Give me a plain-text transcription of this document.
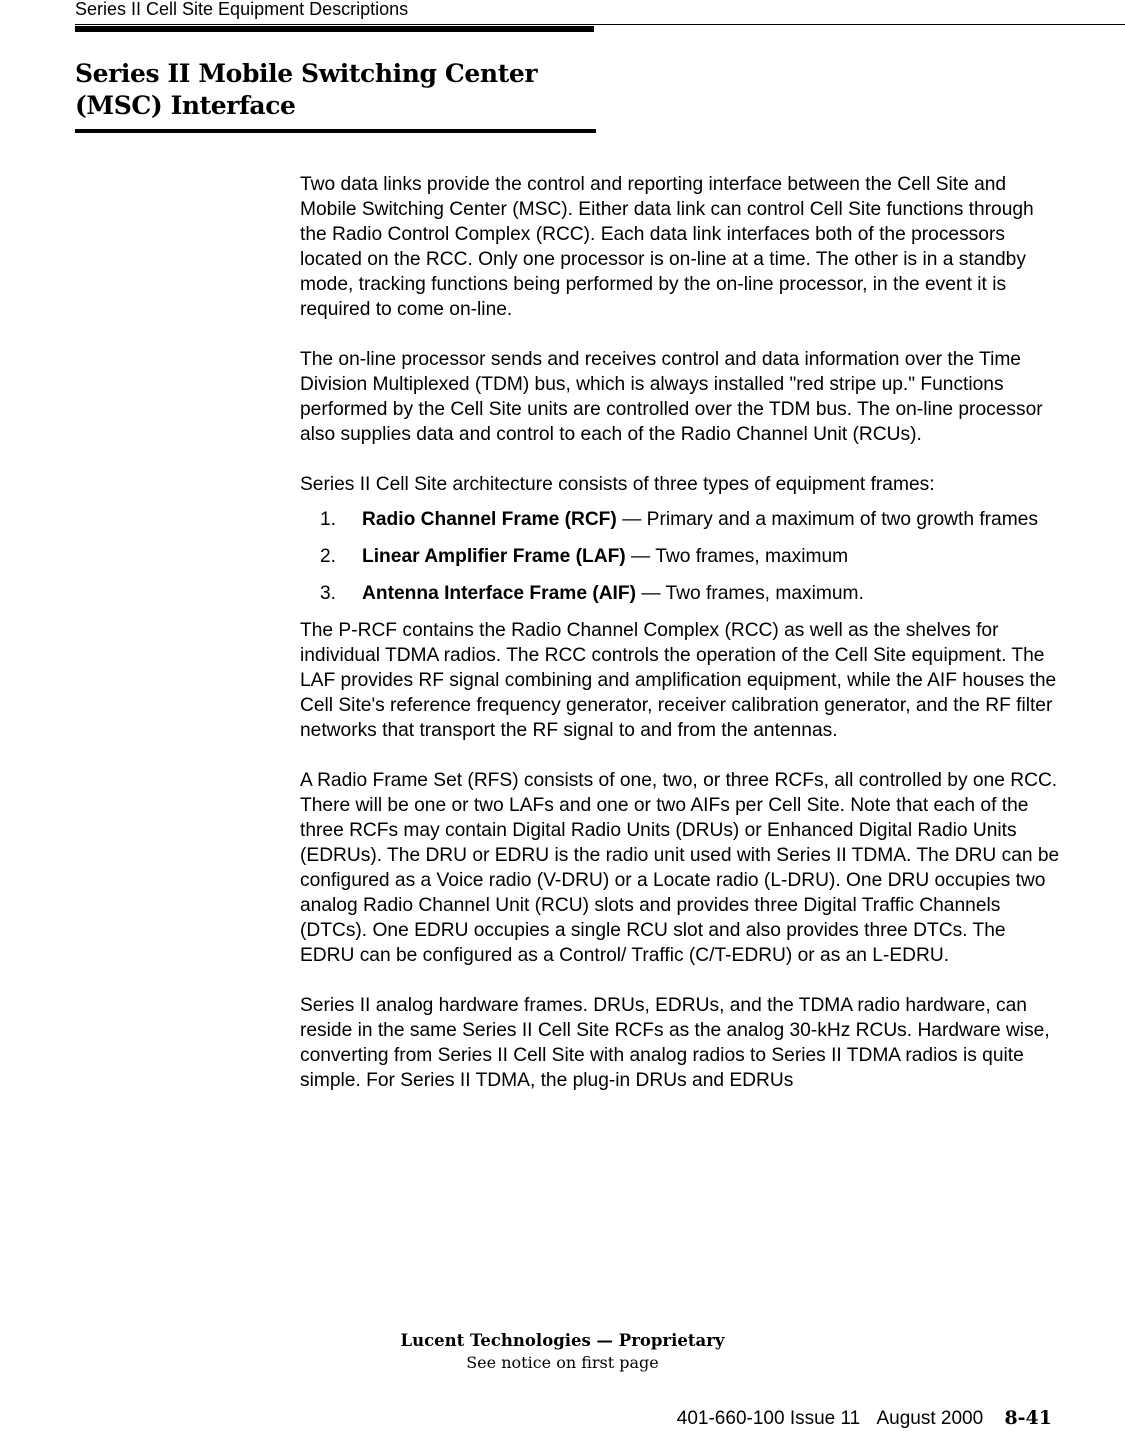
Series II Cell Site Equipment Descriptions
Series II Mobile Switching Center
(MSC) Interface

Two data links provide the control and reporting interface between the Cell Site and Mobile Switching Center (MSC). Either data link can control Cell Site functions through the Radio Control Complex (RCC). Each data link interfaces both of the processors located on the RCC. Only one processor is on-line at a time. The other is in a standby mode, tracking functions being performed by the on-line processor, in the event it is required to come on-line.

The on-line processor sends and receives control and data information over the Time Division Multiplexed (TDM) bus, which is always installed "red stripe up." Functions performed by the Cell Site units are controlled over the TDM bus. The on-line processor also supplies data and control to each of the Radio Channel Unit (RCUs).

Series II Cell Site architecture consists of three types of equipment frames:

1.	Radio Channel Frame (RCF) — Primary and a maximum of two growth frames
2.	Linear Amplifier Frame (LAF) — Two frames, maximum
3.	Antenna Interface Frame (AIF) — Two frames, maximum.

The P-RCF contains the Radio Channel Complex (RCC) as well as the shelves for individual TDMA radios. The RCC controls the operation of the Cell Site equipment. The LAF provides RF signal combining and amplification equipment, while the AIF houses the Cell Site's reference frequency generator, receiver calibration generator, and the RF filter networks that transport the RF signal to and from the antennas.

A Radio Frame Set (RFS) consists of one, two, or three RCFs, all controlled by one RCC. There will be one or two LAFs and one or two AIFs per Cell Site. Note that each of the three RCFs may contain Digital Radio Units (DRUs) or Enhanced Digital Radio Units (EDRUs). The DRU or EDRU is the radio unit used with Series II TDMA. The DRU can be configured as a Voice radio (V-DRU) or a Locate radio (L-DRU). One DRU occupies two analog Radio Channel Unit (RCU) slots and provides three Digital Traffic Channels (DTCs). One EDRU occupies a single RCU slot and also provides three DTCs. The EDRU can be configured as a Control/ Traffic (C/T-EDRU) or as an L-EDRU.

Series II analog hardware frames. DRUs, EDRUs, and the TDMA radio hardware, can reside in the same Series II Cell Site RCFs as the analog 30-kHz RCUs. Hardware wise, converting from Series II Cell Site with analog radios to Series II TDMA radios is quite simple. For Series II TDMA, the plug-in DRUs and EDRUs

Lucent Technologies — Proprietary
See notice on first page
401-660-100 Issue 11 August 2000 8-41
